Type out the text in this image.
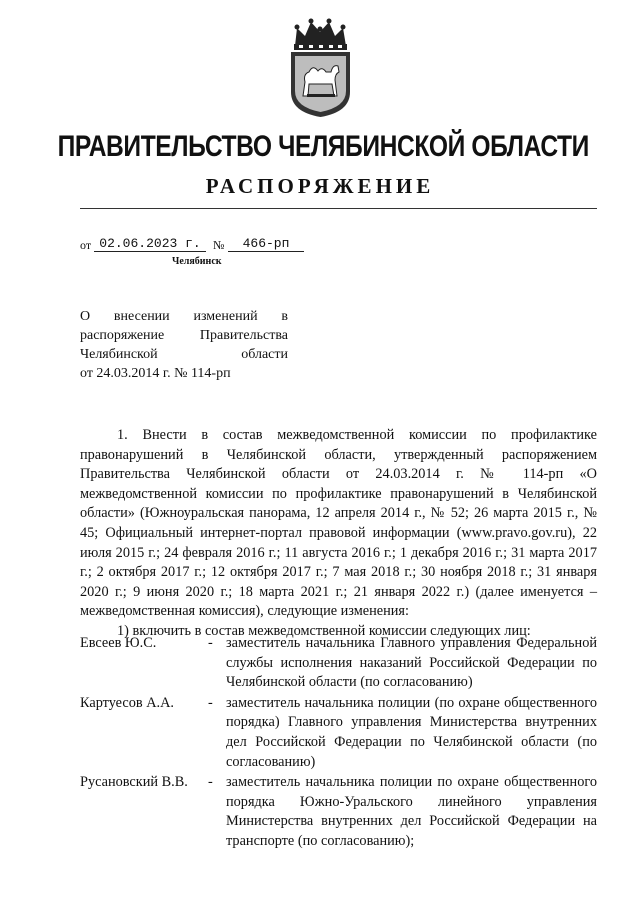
ПРАВИТЕЛЬСТВО ЧЕЛЯБИНСКОЙ ОБЛАСТИ
РАСПОРЯЖЕНИЕ
от 02.06.2023 г.	№	466-рп
Челябинск
О внесении изменений в
распоряжение Правительства
Челябинской области
от 24.03.2014 г. № 114-рп

1. Внести в состав межведомственной комиссии по профилактике правонарушений в Челябинской области, утвержденный распоряжением Правительства Челябинской области от 24.03.2014 г. № 114-рп «О межведомственной комиссии по профилактике правонарушений в Челябинской области» (Южноуральская панорама, 12 апреля 2014 г., № 52; 26 марта 2015 г., № 45; Официальный интернет-портал правовой информации (www.pravo.gov.ru), 22 июля 2015 г.; 24 февраля 2016 г.; 11 августа 2016 г.; 1 декабря 2016 г.; 31 марта 2017 г.; 2 октября 2017 г.; 12 октября 2017 г.; 7 мая 2018 г.; 30 ноября 2018 г.; 31 января 2020 г.; 9 июня 2020 г.; 18 марта 2021 г.; 21 января 2022 г.) (далее именуется – межведомственная комиссия), следующие изменения:

1) включить в состав межведомственной комиссии следующих лиц:

Евсеев Ю.С.	- заместитель начальника Главного управления Федеральной службы исполнения наказаний Российской Федерации по Челябинской области (по согласованию)
Картуесов А.А.	- заместитель начальника полиции (по охране общественного порядка) Главного управления Министерства внутренних дел Российской Федерации по Челябинской области (по согласованию)
Русановский В.В.	- заместитель начальника полиции по охране общественного порядка Южно-Уральского линейного управления Министерства внутренних дел Российской Федерации на транспорте (по согласованию);
